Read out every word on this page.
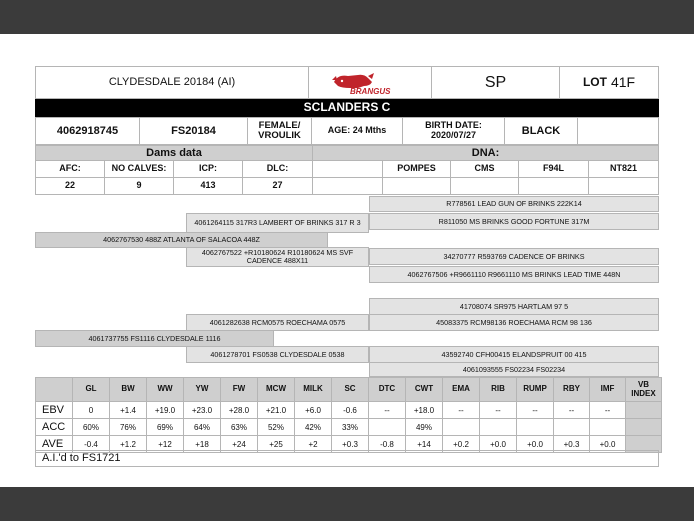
CLYDESDALE 20184 (AI)
BRANGUS
SP	LOT 41F
SCLANDERS C
4062918745	FS20184	FEMALE/ VROULIK	AGE: 24 Mths	BIRTH DATE: 2020/07/27	BLACK
Dams data	DNA:
AFC:	NO CALVES:	ICP:	DLC:
22	9	413	27
POMPES	CMS	F94L	NT821
R778561 LEAD GUN OF BRINKS 222K14
4061264115 317R3 LAMBERT OF BRINKS 317 R 3	R811050 MS BRINKS GOOD FORTUNE 317M
4062767530 488Z ATLANTA OF SALACOA 448Z
4062767522 +R10180624 R10180624 MS SVF CADENCE 488X11	34270777 R593769 CADENCE OF BRINKS
4062767506 +R9661110 R9661110 MS BRINKS LEAD TIME 448N
41708074 SR975 HARTLAM 97 5
4061282638 RCM0575 ROECHAMA 0575	45083375 RCM98136 ROECHAMA RCM 98 136
4061737755 FS1116 CLYDESDALE 1116
4061278701 FS0538 CLYDESDALE 0538	43592740 CFH00415 ELANDSPRUIT 00 415
4061093555 FS02234 FS02234
	GL	BW	WW	YW	FW	MCW	MILK	SC	DTC	CWT	EMA	RIB	RUMP	RBY	IMF	VB INDEX
EBV	0	+1.4	+19.0	+23.0	+28.0	+21.0	+6.0	-0.6	--	+18.0	--	--	--	--	--	
ACC	60%	76%	69%	64%	63%	52%	42%	33%		49%						
AVE	-0.4	+1.2	+12	+18	+24	+25	+2	+0.3	-0.8	+14	+0.2	+0.0	+0.0	+0.3	+0.0	
A.I.'d to FS1721
